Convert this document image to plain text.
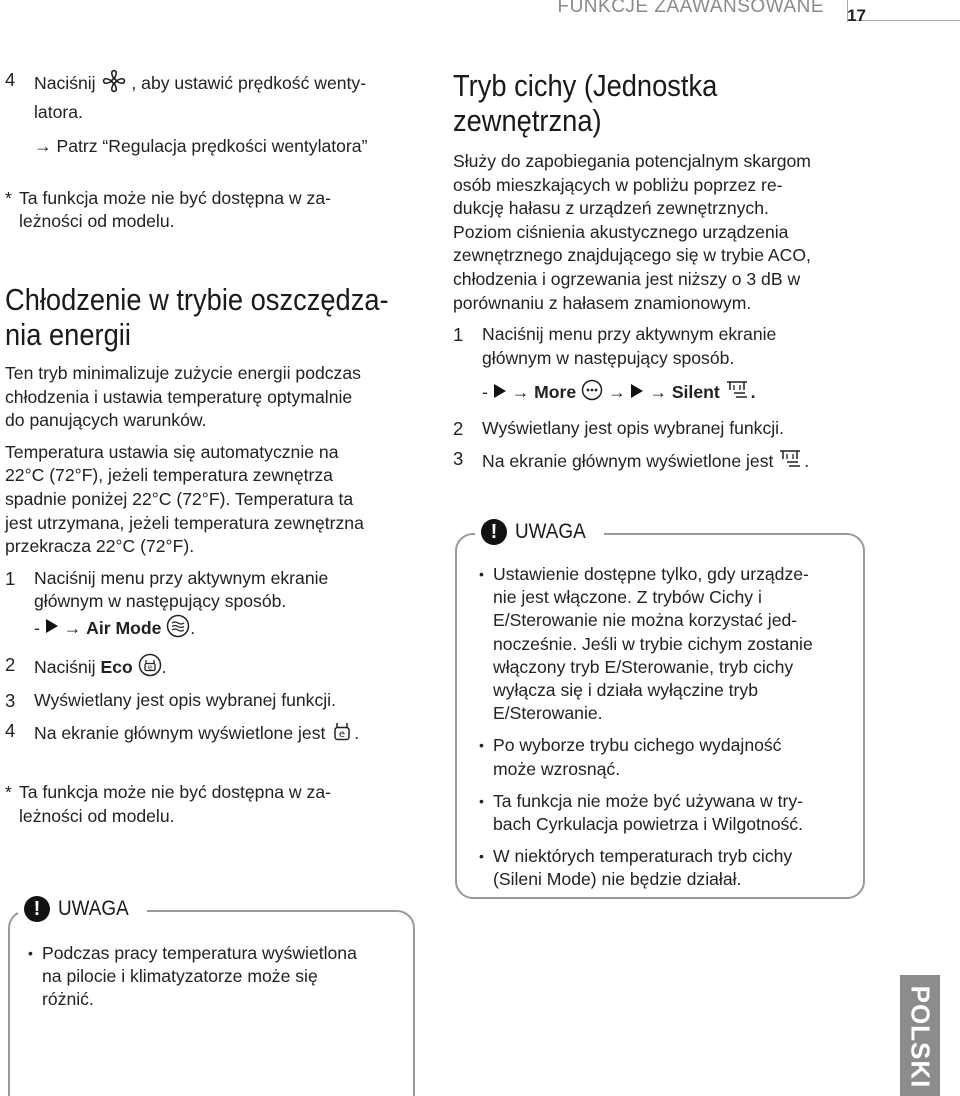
FUNKCJE ZAAWANSOWANE 17
4 Naciśnij , aby ustawić prędkość wenty-
latora.
→ Patrz “Regulacja prędkości wentylatora”
* Ta funkcja może nie być dostępna w za-
leżności od modelu.
Chłodzenie w trybie oszczędza-
nia energii
Ten tryb minimalizuje zużycie energii podczas
chłodzenia i ustawia temperaturę optymalnie
do panujących warunków.
Temperatura ustawia się automatycznie na
22°C (72°F), jeżeli temperatura zewnętrza
spadnie poniżej 22°C (72°F). Temperatura ta
jest utrzymana, jeżeli temperatura zewnętrzna
przekracza 22°C (72°F).
1 Naciśnij menu przy aktywnym ekranie
głównym w następujący sposób.
- → Air Mode .
2 Naciśnij Eco e .
3 Wyświetlany jest opis wybranej funkcji.
4 Na ekranie głównym wyświetlone jest e .
* Ta funkcja może nie być dostępna w za-
leżności od modelu.
! UWAGA
• Podczas pracy temperatura wyświetlona
na pilocie i klimatyzatorze może się
różnić.
Tryb cichy (Jednostka
zewnętrzna)
Służy do zapobiegania potencjalnym skargom
osób mieszkających w pobliżu poprzez re-
dukcję hałasu z urządzeń zewnętrznych.
Poziom ciśnienia akustycznego urządzenia
zewnętrznego znajdującego się w trybie ACO,
chłodzenia i ogrzewania jest niższy o 3 dB w
porównaniu z hałasem znamionowym.
1 Naciśnij menu przy aktywnym ekranie
głównym w następujący sposób.
- → More → → Silent .
2 Wyświetlany jest opis wybranej funkcji.
3 Na ekranie głównym wyświetlone jest .
! UWAGA
• Ustawienie dostępne tylko, gdy urządze-
nie jest włączone. Z trybów Cichy i
E/Sterowanie nie można korzystać jed-
nocześnie. Jeśli w trybie cichym zostanie
włączony tryb E/Sterowanie, tryb cichy
wyłącza się i działa wyłączine tryb
E/Sterowanie.
• Po wyborze trybu cichego wydajność
może wzrosnąć.
• Ta funkcja nie może być używana w try-
bach Cyrkulacja powietrza i Wilgotność.
• W niektórych temperaturach tryb cichy
(Sileni Mode) nie będzie działał.
POLSKI
